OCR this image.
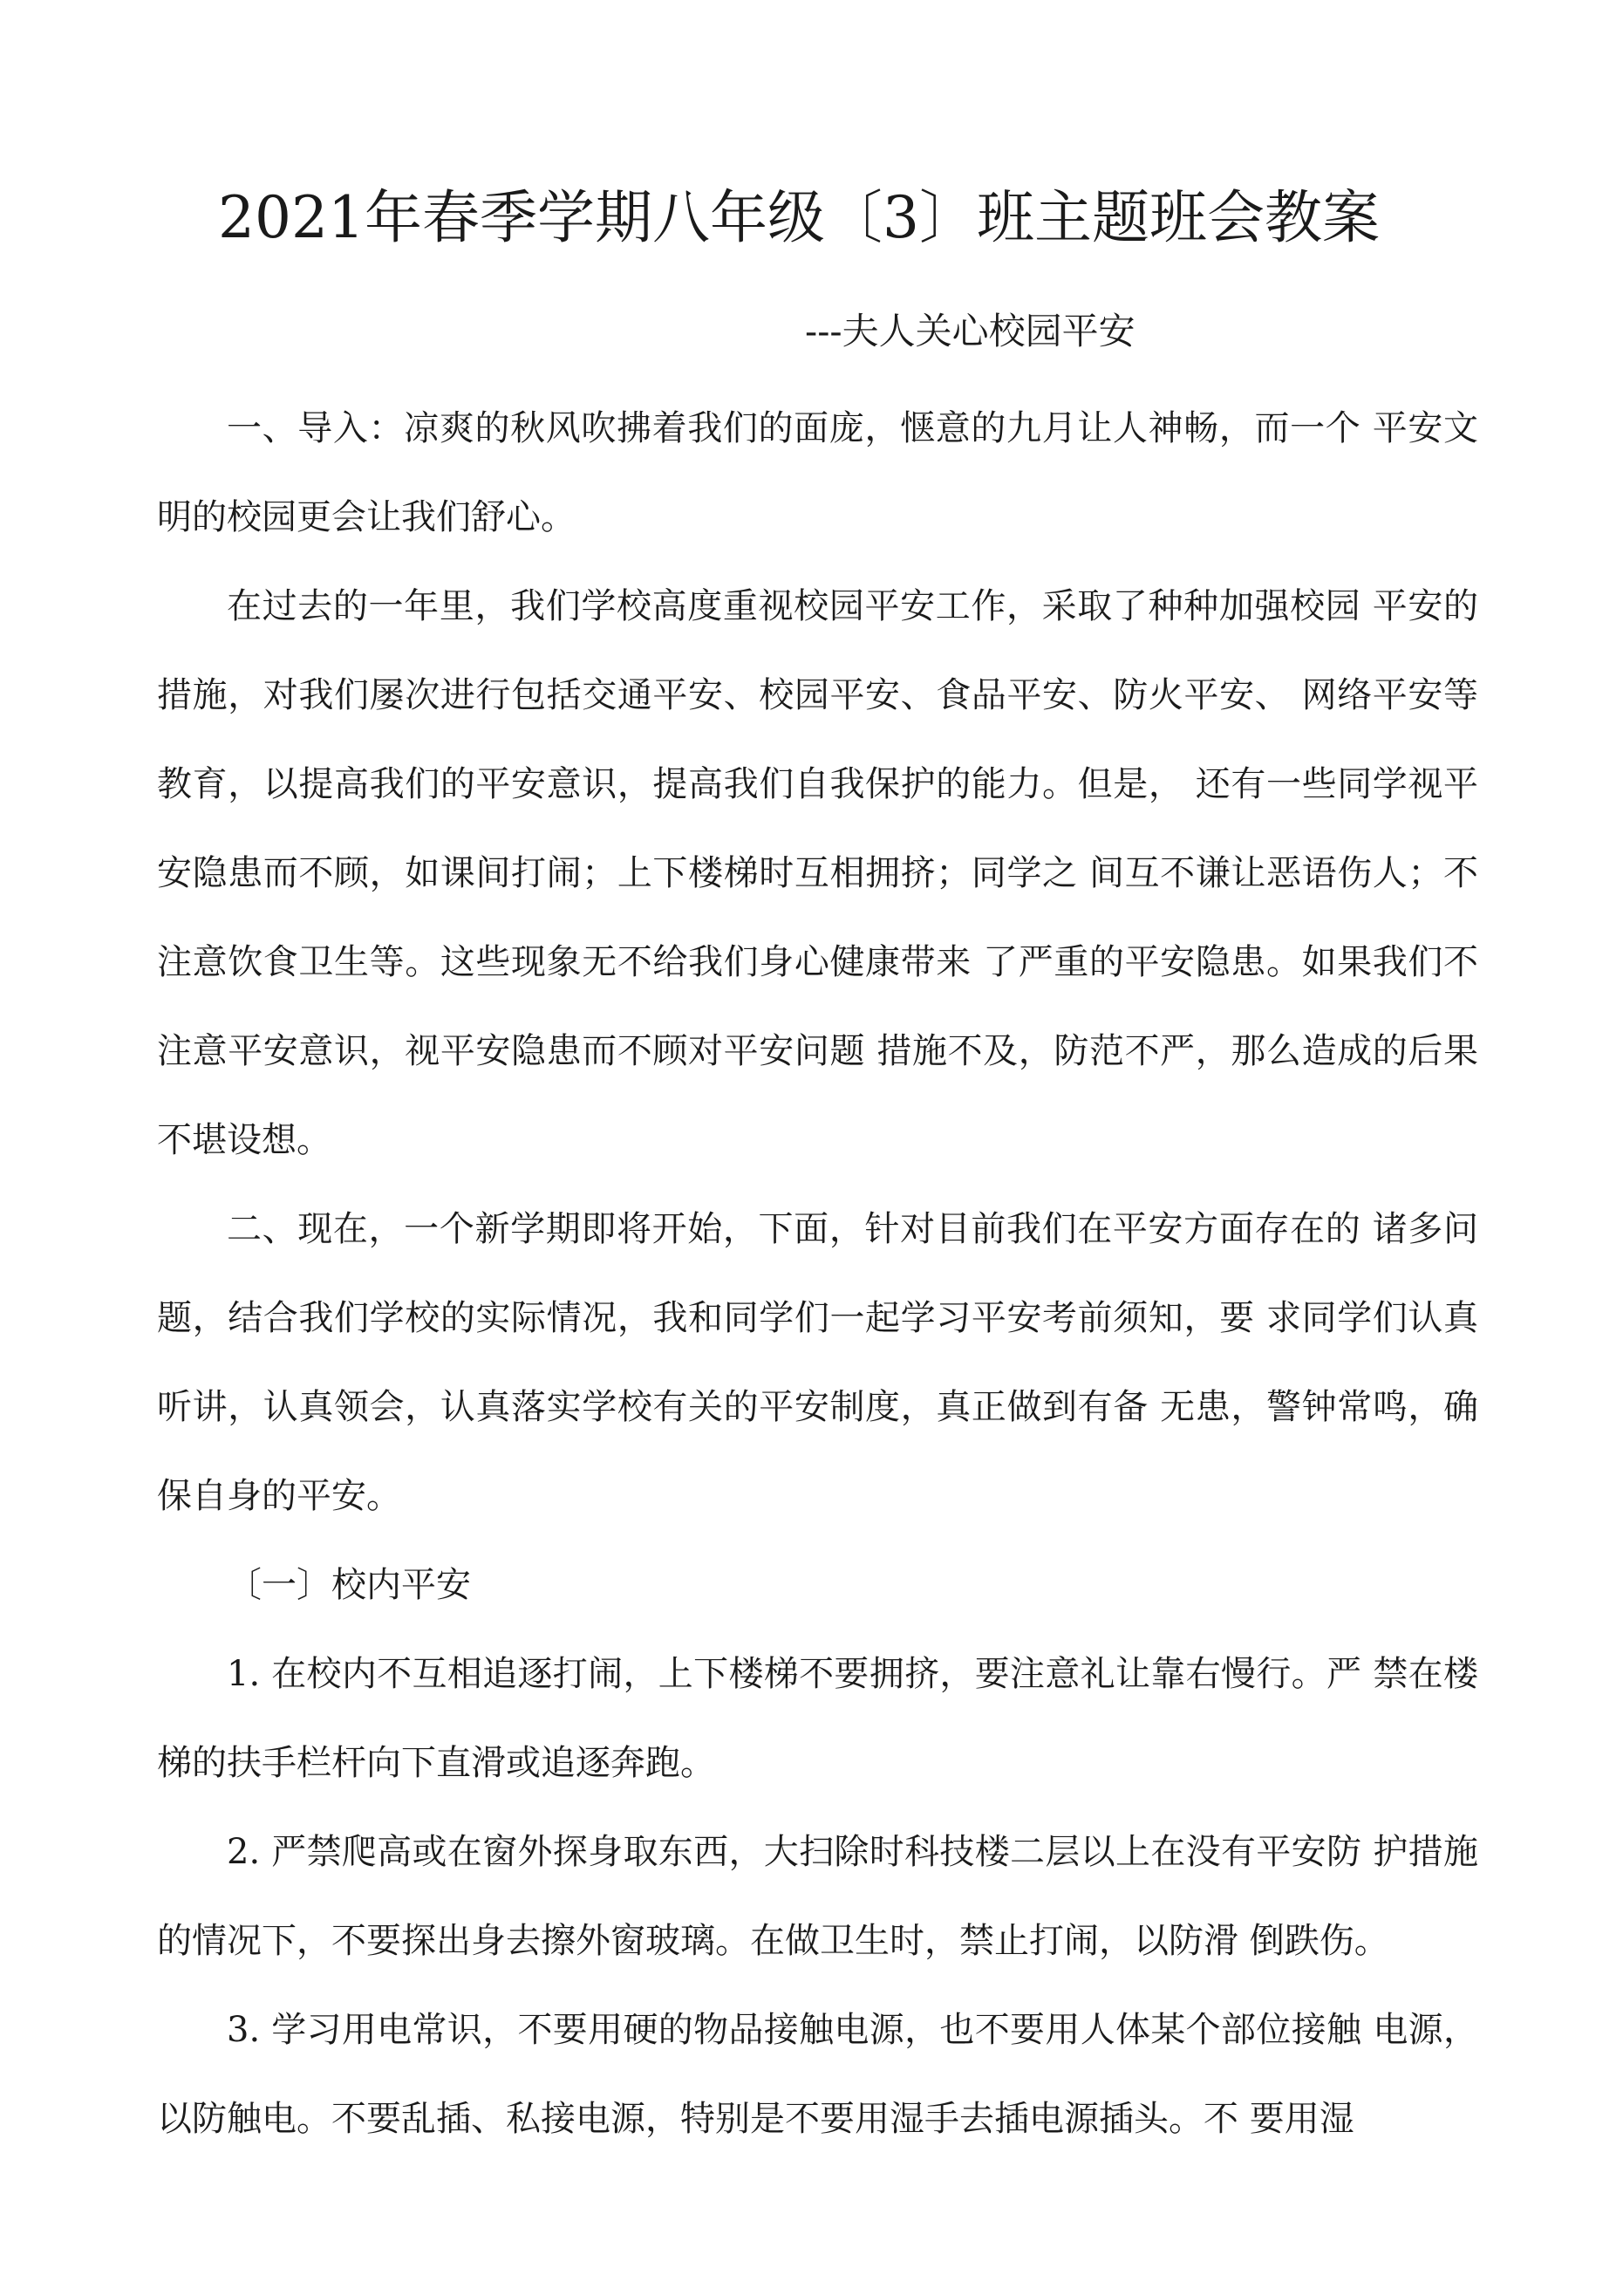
2021年春季学期八年级〔3〕班主题班会教案
---夫人关心校园平安

一、导入：凉爽的秋风吹拂着我们的面庞，惬意的九月让人神畅，而一个 平安文明的校园更会让我们舒心。

在过去的一年里，我们学校高度重视校园平安工作，采取了种种加强校园 平安的措施，对我们屡次进行包括交通平安、校园平安、食品平安、防火平安、 网络平安等教育，以提高我们的平安意识，提高我们自我保护的能力。但是， 还有一些同学视平安隐患而不顾，如课间打闹；上下楼梯时互相拥挤；同学之 间互不谦让恶语伤人；不注意饮食卫生等。这些现象无不给我们身心健康带来 了严重的平安隐患。如果我们不注意平安意识，视平安隐患而不顾对平安问题 措施不及，防范不严，那么造成的后果不堪设想。

二、现在，一个新学期即将开始，下面，针对目前我们在平安方面存在的 诸多问题，结合我们学校的实际情况，我和同学们一起学习平安考前须知，要 求同学们认真听讲，认真领会，认真落实学校有关的平安制度，真正做到有备 无患，警钟常鸣，确保自身的平安。

〔一〕校内平安

1. 在校内不互相追逐打闹，上下楼梯不要拥挤，要注意礼让靠右慢行。严 禁在楼梯的扶手栏杆向下直滑或追逐奔跑。

2. 严禁爬高或在窗外探身取东西，大扫除时科技楼二层以上在没有平安防 护措施的情况下，不要探出身去擦外窗玻璃。在做卫生时，禁止打闹，以防滑 倒跌伤。

3. 学习用电常识，不要用硬的物品接触电源，也不要用人体某个部位接触 电源，以防触电。不要乱插、私接电源，特别是不要用湿手去插电源插头。不 要用湿
